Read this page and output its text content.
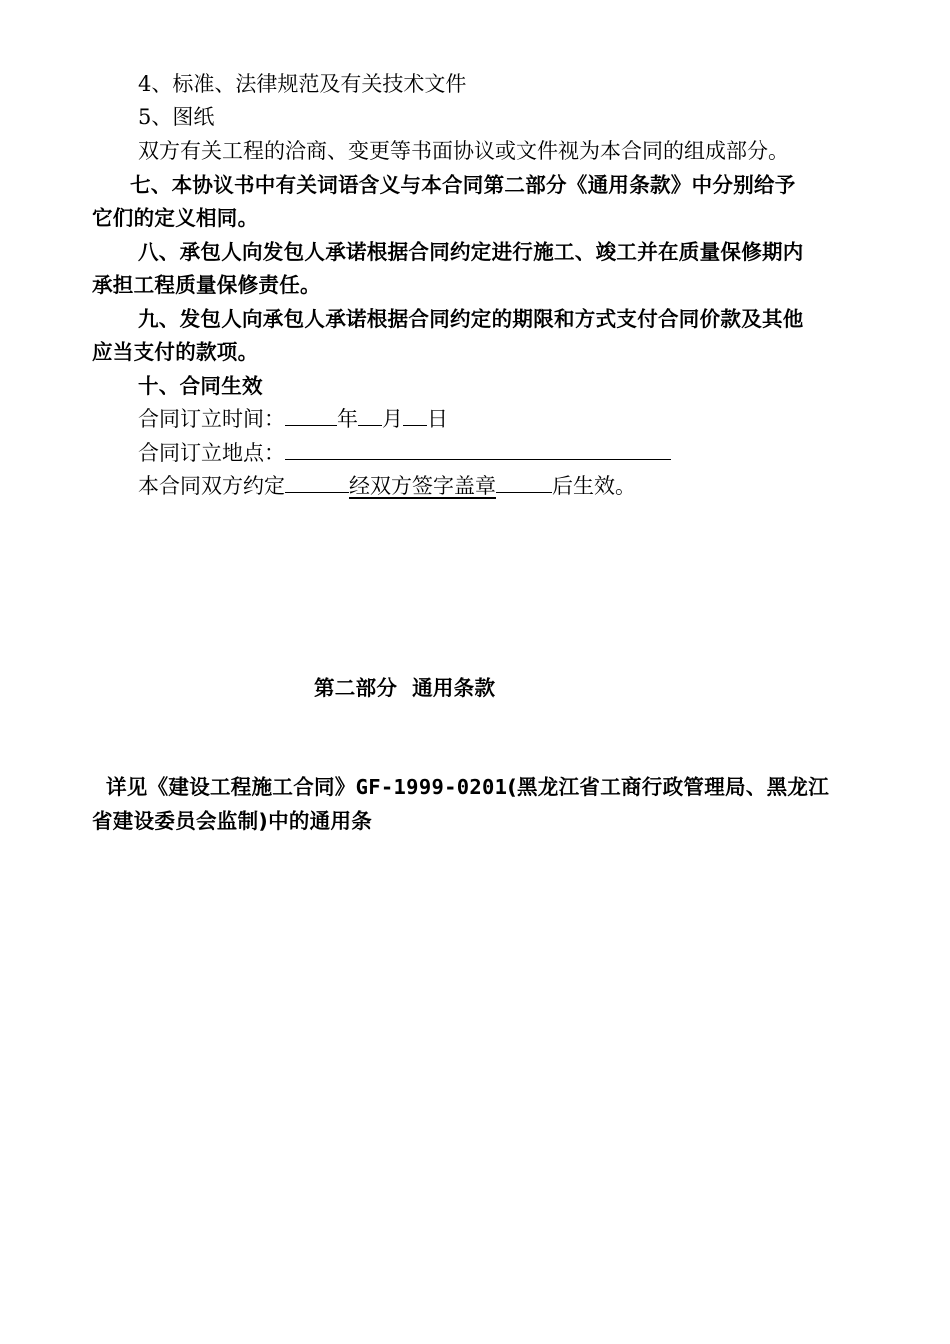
4、标准、法律规范及有关技术文件
5、图纸
双方有关工程的洽商、变更等书面协议或文件视为本合同的组成部分。
七、本协议书中有关词语含义与本合同第二部分《通用条款》中分别给予
它们的定义相同。
八、承包人向发包人承诺根据合同约定进行施工、竣工并在质量保修期内
承担工程质量保修责任。
九、发包人向承包人承诺根据合同约定的期限和方式支付合同价款及其他
应当支付的款项。
十、合同生效
合同订立时间： 年 月 日
合同订立地点：
本合同双方约定	经双方签字盖章	后生效。
第二部分  通用条款
详见《建设工程施工合同》GF-1999-0201(黑龙江省工商行政管理局、黑龙江
省建设委员会监制)中的通用条
